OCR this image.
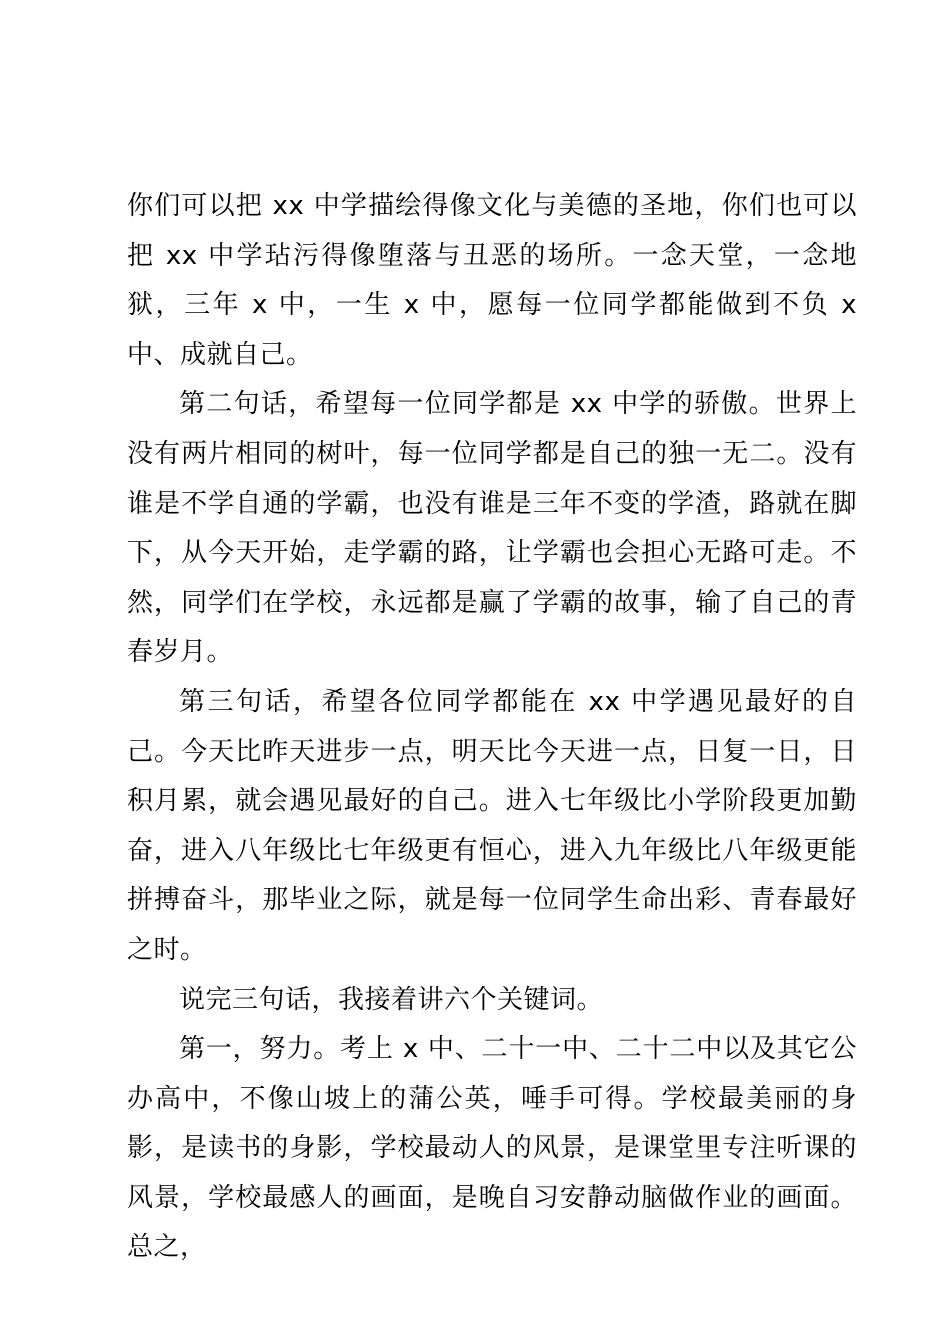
你们可以把 xx 中学描绘得像文化与美德的圣地，你们也可以把 xx 中学玷污得像堕落与丑恶的场所。一念天堂，一念地狱，三年 x 中，一生 x 中，愿每一位同学都能做到不负 x 中、成就自己。

第二句话，希望每一位同学都是 xx 中学的骄傲。世界上没有两片相同的树叶，每一位同学都是自己的独一无二。没有谁是不学自通的学霸，也没有谁是三年不变的学渣，路就在脚下，从今天开始，走学霸的路，让学霸也会担心无路可走。不然，同学们在学校，永远都是赢了学霸的故事，输了自己的青春岁月。

第三句话，希望各位同学都能在 xx 中学遇见最好的自己。今天比昨天进步一点，明天比今天进一点，日复一日，日积月累，就会遇见最好的自己。进入七年级比小学阶段更加勤奋，进入八年级比七年级更有恒心，进入九年级比八年级更能拼搏奋斗，那毕业之际，就是每一位同学生命出彩、青春最好之时。

说完三句话，我接着讲六个关键词。

第一，努力。考上 x 中、二十一中、二十二中以及其它公办高中，不像山坡上的蒲公英，唾手可得。学校最美丽的身影，是读书的身影，学校最动人的风景，是课堂里专注听课的风景，学校最感人的画面，是晚自习安静动脑做作业的画面。总之，
